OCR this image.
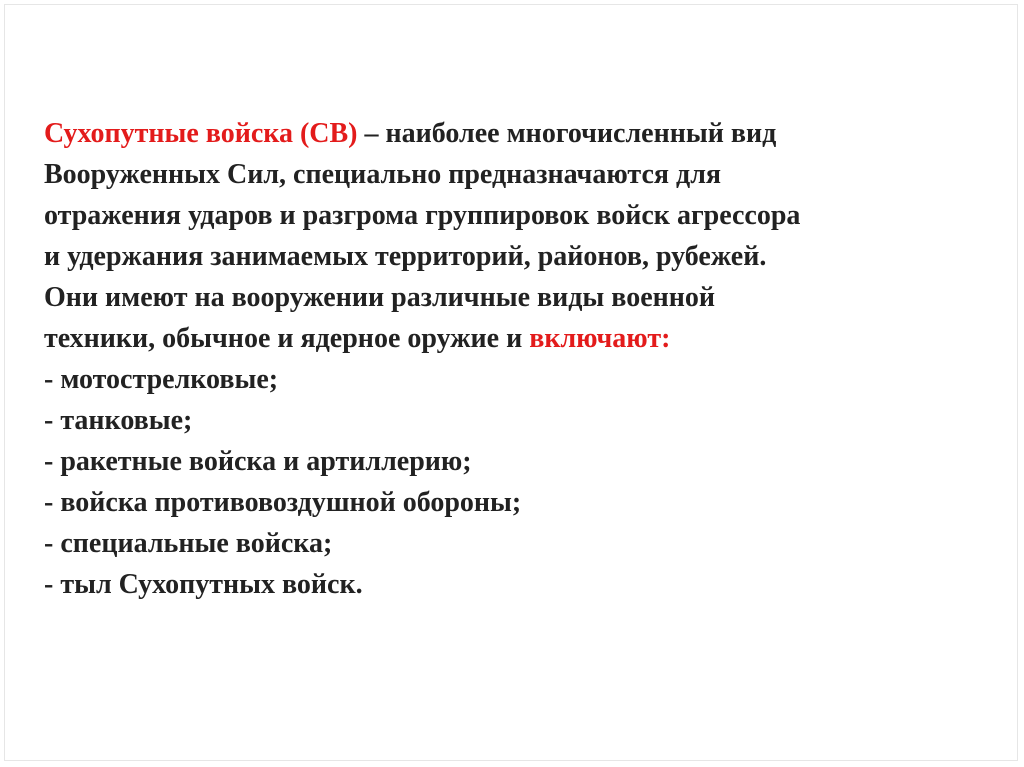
Сухопутные войска (СВ) – наиболее многочисленный вид
Вооруженных Сил, специально предназначаются для
отражения ударов и разгрома группировок войск агрессора
и удержания занимаемых территорий, районов, рубежей.
Они имеют на вооружении различные виды военной
техники, обычное и ядерное оружие и включают:
- мотострелковые;
- танковые;
- ракетные войска и артиллерию;
- войска противовоздушной обороны;
- специальные войска;
- тыл Сухопутных войск.
